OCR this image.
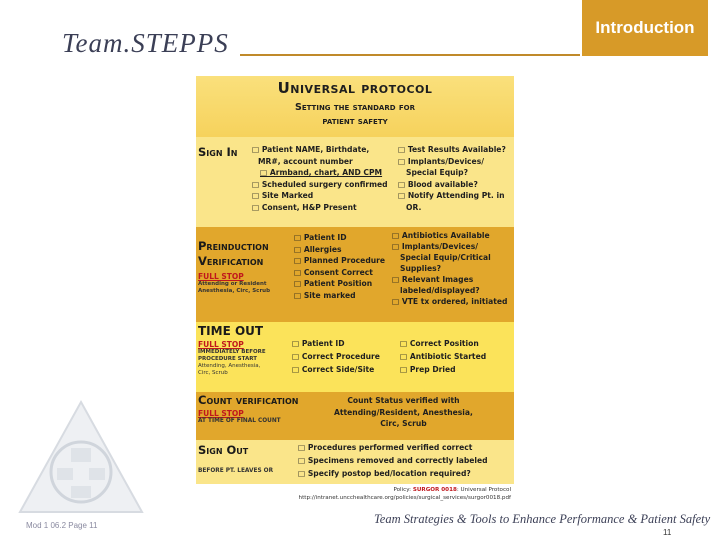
Team.STEPPS
Introduction
Universal protocol
Setting the standard for
patient safety
Sign In	□ Patient NAME, Birthdate,
MR#, account number
□ Armband, chart, AND CPM
□ Scheduled surgery confirmed
□ Site Marked
□ Consent, H&P Present
□ Test Results Available?
□ Implants/Devices/
Special Equip?
□ Blood available?
□ Notify Attending Pt. in
OR.
Preinduction
Verification
FULL STOP
Attending or Resident Anesthesia, Circ, Scrub
□ Patient ID
□ Allergies
□ Planned Procedure
□ Consent Correct
□ Patient Position
□ Site marked
□ Antibiotics Available
□ Implants/Devices/
Special Equip/Critical
Supplies?
□ Relevant Images
labeled/displayed?
□ VTE tx ordered, initiated
TIME OUT
FULL STOP
IMMEDIATELY BEFORE
PROCEDURE START
Attending, Anesthesia,
Circ, Scrub
□ Patient ID
□ Correct Procedure
□ Correct Side/Site
□ Correct Position
□ Antibiotic Started
□ Prep Dried
Count verification
FULL STOP
AT TIME OF FINAL COUNT
Count Status verified with
Attending/Resident, Anesthesia,
Circ, Scrub
Sign Out
BEFORE PT. LEAVES OR
□ Procedures performed verified correct
□ Specimens removed and correctly labeled
□ Specify postop bed/location required?
Policy: SURGOR 0018: Universal Protocol
http://intranet.uncchealthcare.org/policies/surgical_services/surgor0018.pdf
Mod 1 06.2 Page 11	Team Strategies & Tools to Enhance Performance & Patient Safety
11
